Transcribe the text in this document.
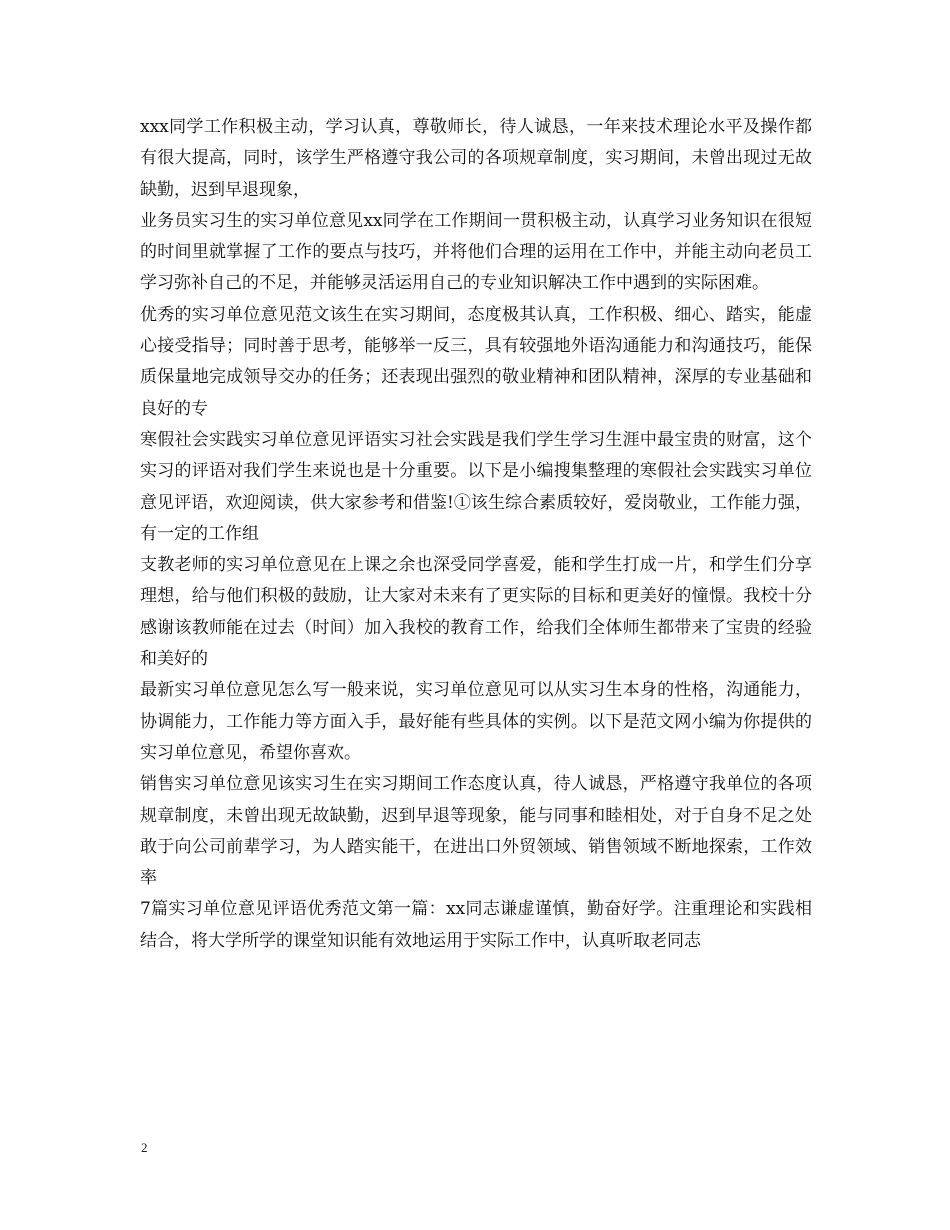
xxx同学工作积极主动，学习认真，尊敬师长，待人诚恳，一年来技术理论水平及操作都有很大提高，同时，该学生严格遵守我公司的各项规章制度，实习期间，未曾出现过无故缺勤，迟到早退现象，

业务员实习生的实习单位意见xx同学在工作期间一贯积极主动，认真学习业务知识在很短的时间里就掌握了工作的要点与技巧，并将他们合理的运用在工作中，并能主动向老员工学习弥补自己的不足，并能够灵活运用自己的专业知识解决工作中遇到的实际困难。

优秀的实习单位意见范文该生在实习期间，态度极其认真，工作积极、细心、踏实，能虚心接受指导；同时善于思考，能够举一反三，具有较强地外语沟通能力和沟通技巧，能保质保量地完成领导交办的任务；还表现出强烈的敬业精神和团队精神，深厚的专业基础和良好的专

寒假社会实践实习单位意见评语实习社会实践是我们学生学习生涯中最宝贵的财富，这个实习的评语对我们学生来说也是十分重要。以下是小编搜集整理的寒假社会实践实习单位意见评语，欢迎阅读，供大家参考和借鉴!①该生综合素质较好，爱岗敬业，工作能力强，有一定的工作组

支教老师的实习单位意见在上课之余也深受同学喜爱，能和学生打成一片，和学生们分享理想，给与他们积极的鼓励，让大家对未来有了更实际的目标和更美好的憧憬。我校十分感谢该教师能在过去（时间）加入我校的教育工作，给我们全体师生都带来了宝贵的经验和美好的

最新实习单位意见怎么写一般来说，实习单位意见可以从实习生本身的性格，沟通能力，协调能力，工作能力等方面入手，最好能有些具体的实例。以下是范文网小编为你提供的实习单位意见，希望你喜欢。

销售实习单位意见该实习生在实习期间工作态度认真，待人诚恳，严格遵守我单位的各项规章制度，未曾出现无故缺勤，迟到早退等现象，能与同事和睦相处，对于自身不足之处敢于向公司前辈学习，为人踏实能干，在进出口外贸领域、销售领域不断地探索，工作效率

7篇实习单位意见评语优秀范文第一篇：xx同志谦虚谨慎，勤奋好学。注重理论和实践相结合，将大学所学的课堂知识能有效地运用于实际工作中，认真听取老同志

2
